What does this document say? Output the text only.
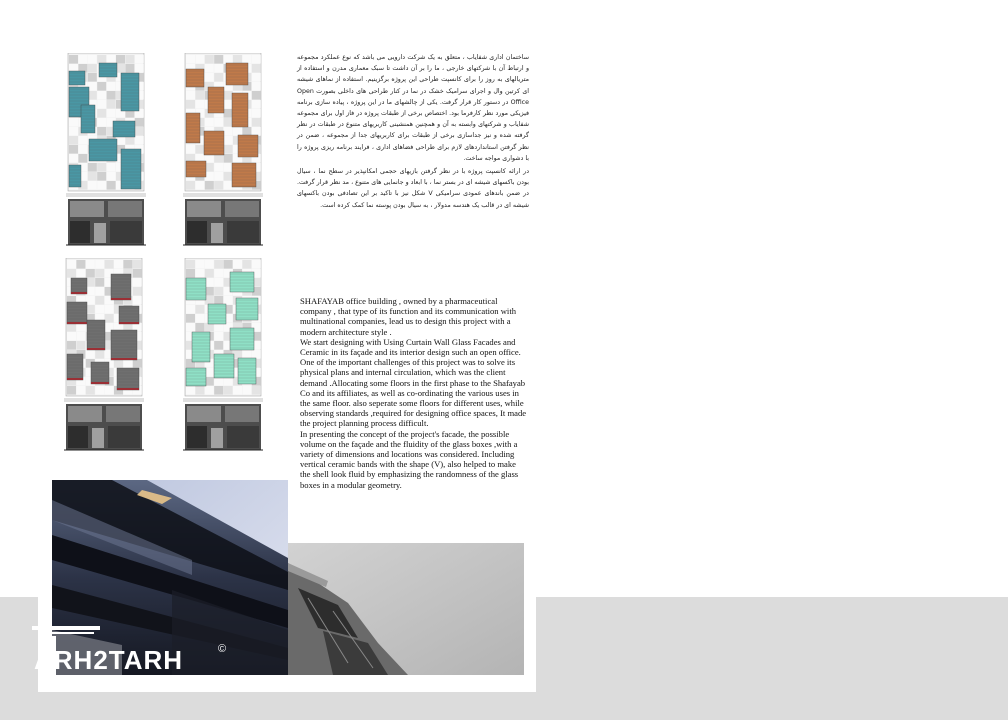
ساختمان اداری شفایاب ، متعلق به یک شرکت دارویی می باشد که نوع عملکرد مجموعه و ارتباط آن با شرکتهای خارجی ، ما را بر آن داشت تا سبک معماری مدرن و استفاده از متریالهای به روز را برای کانسپت طراحی این پروژه برگزینیم. استفاده از نماهای شیشه ای کرتین وال و اجرای سرامیک خشک در نما در کنار طراحی های داخلی بصورت Open Office در دستور کار قرار گرفت. یکی از چالشهای ما در این پروژه ، پیاده سازی برنامه فیزیکی مورد نظر کارفرما بود. اختصاص برخی از طبقات پروژه در فاز اول برای مجموعه شفایاب و شرکتهای وابسته به آن و همچنین همنشینی کاربریهای متنوع در طبقات در نظر گرفته شده و نیز جداسازی برخی از طبقات برای کاربریهای جدا از مجموعه ، ضمن در نظر گرفتن استانداردهای لازم برای طراحی فضاهای اداری ، فرایند برنامه ریزی پروژه را با دشواری مواجه ساخت.

در ارائه کانسپت پروژه با در نظر گرفتن بازیهای حجمی امکانپذیر در سطح نما ، سیال بودن باکسهای شیشه ای در بستر نما ، با ابعاد و جانمایی های متنوع ، مد نظر قرار گرفت. در ضمن باندهای عمودی سرامیکی V شکل نیز با تاکید بر این تصادفی بودن باکسهای شیشه ای در قالب یک هندسه مدولار ، به سیال بودن پوسته نما کمک کرده است.

SHAFAYAB office building , owned by a pharmaceutical company , that type of its function and its communication with multinational companies, lead us to design this project with a modern architecture style .

We start designing with Using Curtain Wall Glass Facades and Ceramic in its façade and its interior design such an open office.

One of the important challenges of this project was to solve its physical plans and internal circulation, which was the client demand .Allocating some floors in the first phase to the Shafayab Co and its affiliates, as well as co-ordinating the various uses in the same floor. also seperate some floors for different uses, while observing standards ,required for designing office spaces, It made the project planning process difficult.

In presenting the concept of the project's facade, the possible volume on the façade and the fluidity of the glass boxes ,with a variety of dimensions and locations was considered. Including vertical ceramic bands with the shape (V), also helped to make the shell look fluid by emphasizing the randomness of the glass boxes in a modular geometry.

ARH2TARH	©
ALL RIGHT RESERVED
